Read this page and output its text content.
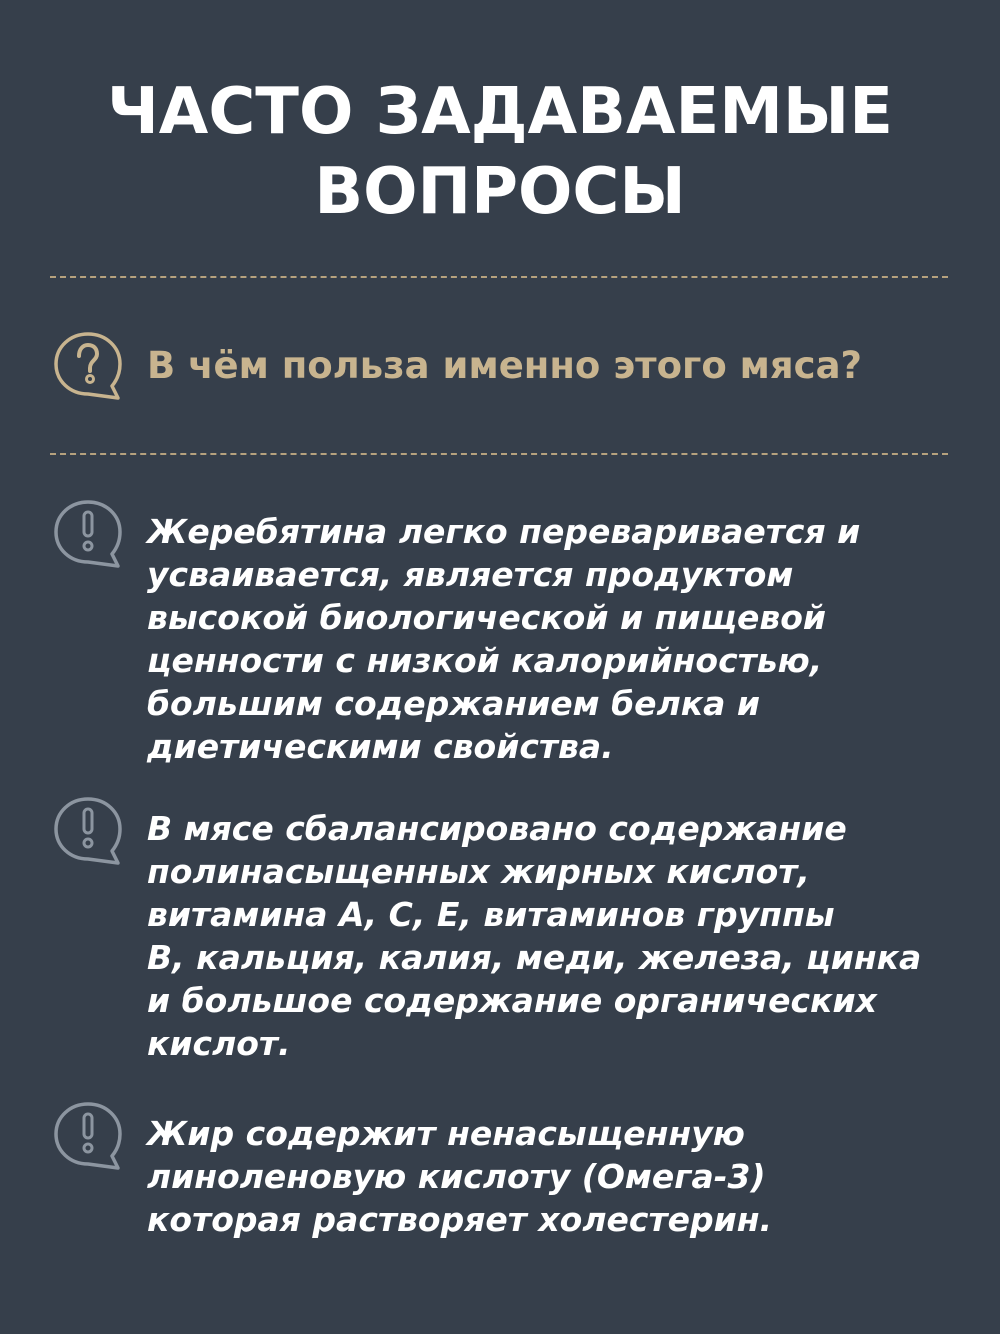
ЧАСТО ЗАДАВАЕМЫЕ
ВОПРОСЫ
В чём польза именно этого мяса?
Жеребятина легко переваривается и
усваивается, является продуктом
высокой биологической и пищевой
ценности с низкой калорийностью,
большим содержанием белка и
диетическими свойства.
В мясе сбалансировано содержание
полинасыщенных жирных кислот,
витамина А, С, Е, витаминов группы
В, кальция, калия, меди, железа, цинка
и большое содержание органических
кислот.
Жир содержит ненасыщенную
линоленовую кислоту (Омега-3)
которая растворяет холестерин.
